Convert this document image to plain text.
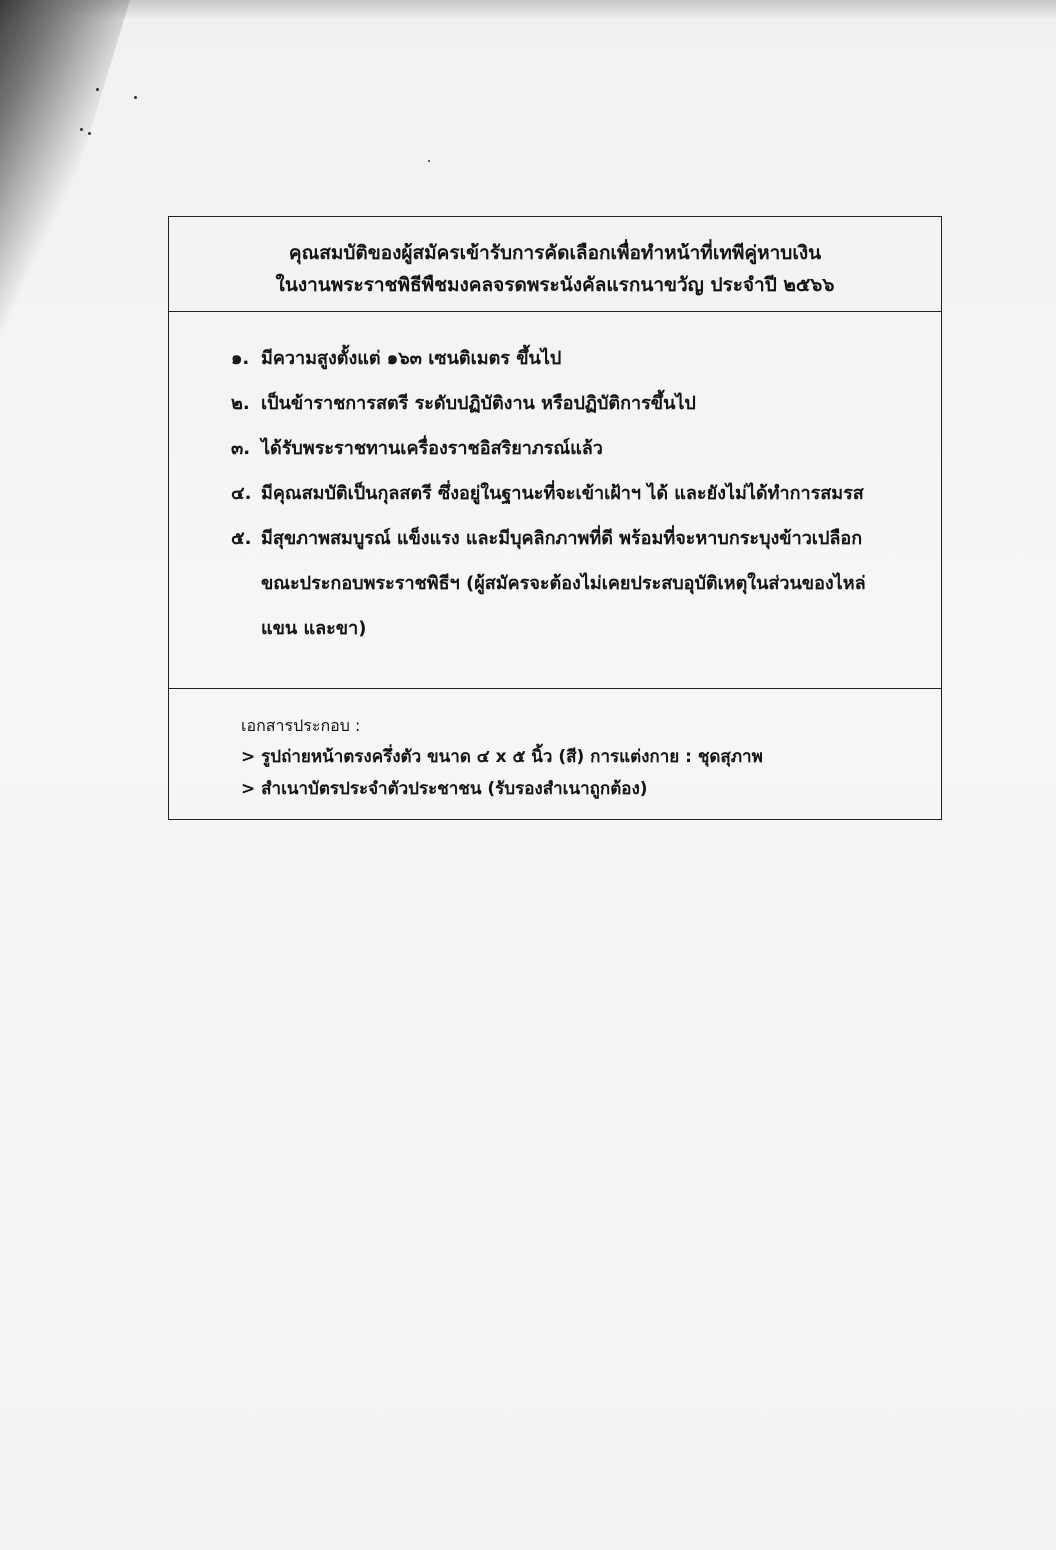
คุณสมบัติของผู้สมัครเข้ารับการคัดเลือกเพื่อทำหน้าที่เทพีคู่หาบเงิน
ในงานพระราชพิธีพืชมงคลจรดพระนังคัลแรกนาขวัญ ประจำปี ๒๕๖๖
๑. มีความสูงตั้งแต่ ๑๖๓ เซนติเมตร ขึ้นไป
๒. เป็นข้าราชการสตรี ระดับปฏิบัติงาน หรือปฏิบัติการขึ้นไป
๓. ได้รับพระราชทานเครื่องราชอิสริยาภรณ์แล้ว
๔. มีคุณสมบัติเป็นกุลสตรี ซึ่งอยู่ในฐานะที่จะเข้าเฝ้าฯ ได้ และยังไม่ได้ทำการสมรส
๕. มีสุขภาพสมบูรณ์ แข็งแรง และมีบุคลิกภาพที่ดี พร้อมที่จะหาบกระบุงข้าวเปลือก
ขณะประกอบพระราชพิธีฯ (ผู้สมัครจะต้องไม่เคยประสบอุบัติเหตุในส่วนของไหล่
แขน และขา)
เอกสารประกอบ :
> รูปถ่ายหน้าตรงครึ่งตัว ขนาด ๔ x ๕ นิ้ว (สี) การแต่งกาย : ชุดสุภาพ
> สำเนาบัตรประจำตัวประชาชน (รับรองสำเนาถูกต้อง)
